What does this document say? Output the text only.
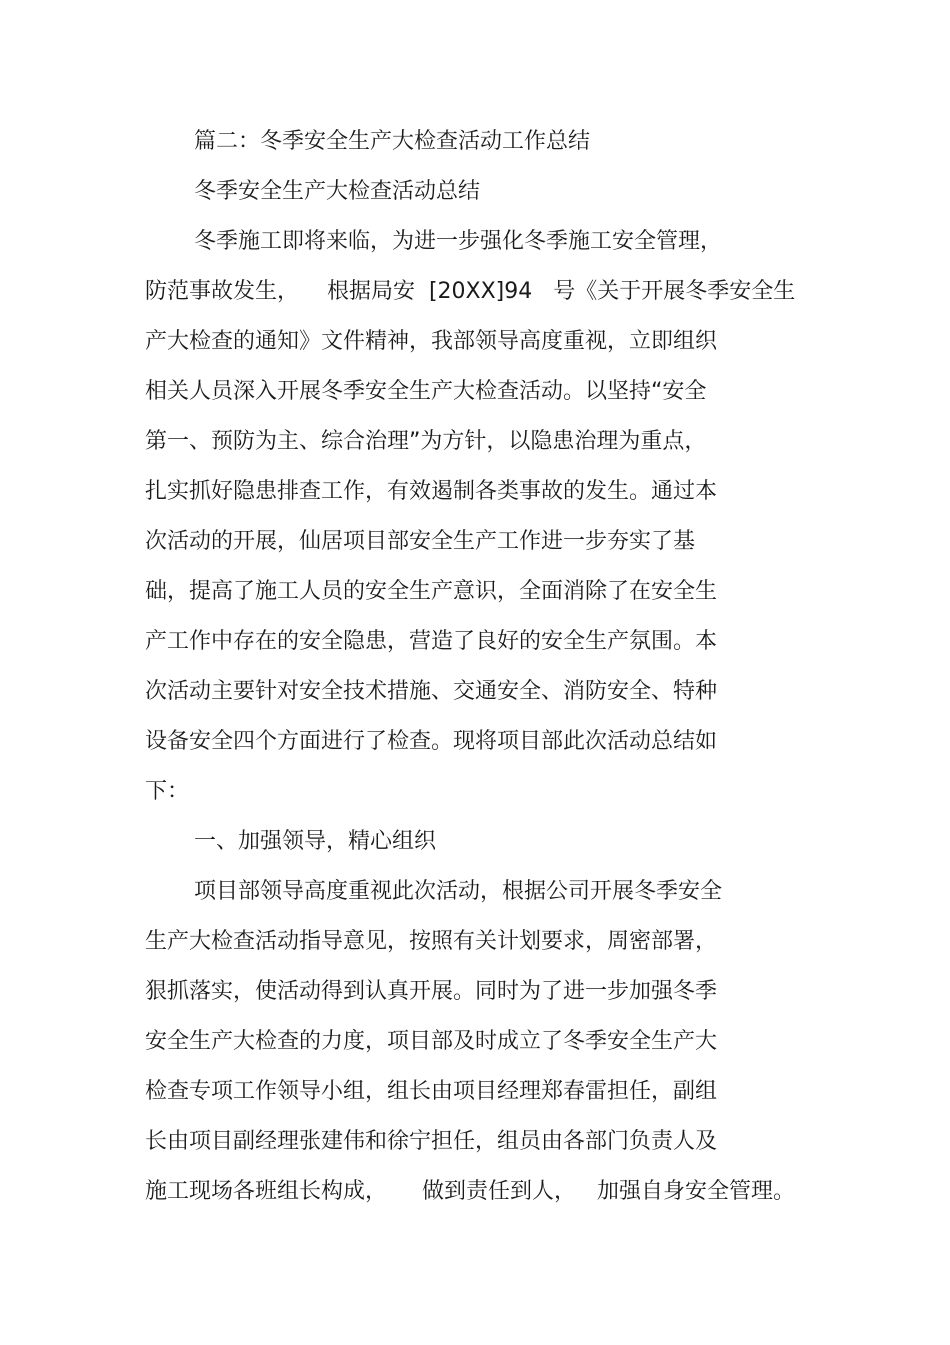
篇二：冬季安全生产大检查活动工作总结

冬季安全生产大检查活动总结

冬季施工即将来临，为进一步强化冬季施工安全管理，

防范事故发生，    根据局安  [20XX]94   号《关于开展冬季安全生

产大检查的通知》文件精神，我部领导高度重视，立即组织

相关人员深入开展冬季安全生产大检查活动。以坚持“安全

第一、预防为主、综合治理”为方针，以隐患治理为重点，

扎实抓好隐患排查工作，有效遏制各类事故的发生。通过本

次活动的开展，仙居项目部安全生产工作进一步夯实了基

础，提高了施工人员的安全生产意识，全面消除了在安全生

产工作中存在的安全隐患，营造了良好的安全生产氛围。本

次活动主要针对安全技术措施、交通安全、消防安全、特种

设备安全四个方面进行了检查。现将项目部此次活动总结如

下：

一、加强领导，精心组织

项目部领导高度重视此次活动，根据公司开展冬季安全

生产大检查活动指导意见，按照有关计划要求，周密部署，

狠抓落实，使活动得到认真开展。同时为了进一步加强冬季

安全生产大检查的力度，项目部及时成立了冬季安全生产大

检查专项工作领导小组，组长由项目经理郑春雷担任，副组

长由项目副经理张建伟和徐宁担任，组员由各部门负责人及

施工现场各班组长构成，     做到责任到人，   加强自身安全管理。
